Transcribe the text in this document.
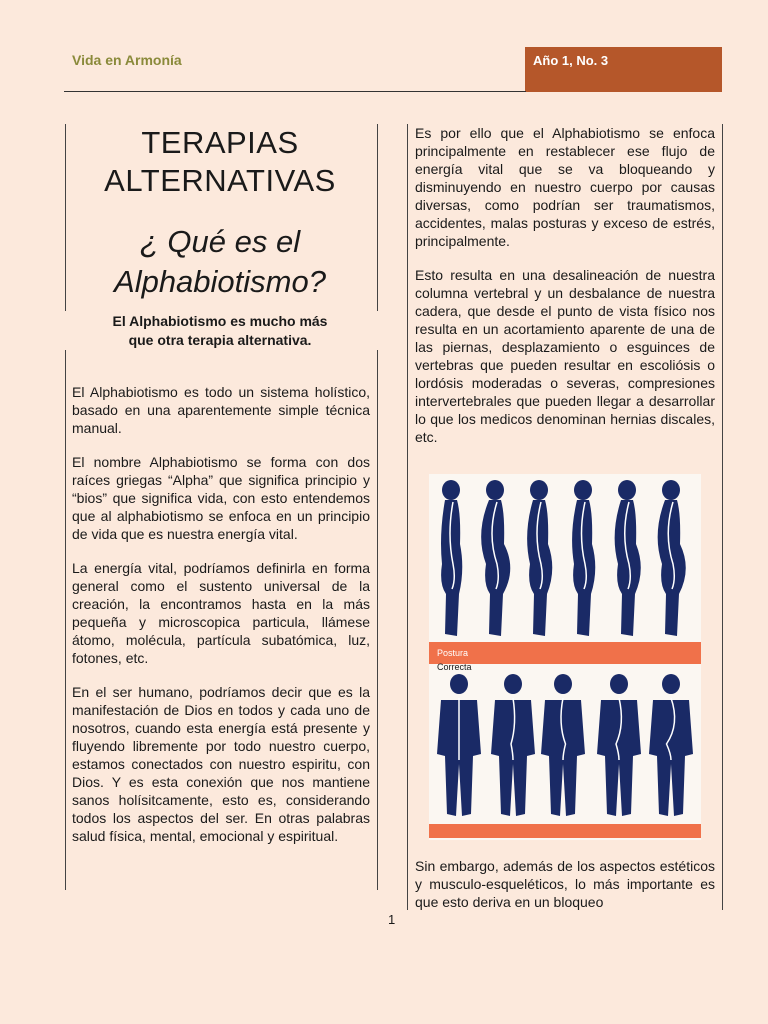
Vida en Armonía	Año 1, No. 3
TERAPIAS
ALTERNATIVAS
¿ Qué es el
Alphabiotismo?
El Alphabiotismo es mucho más
que otra terapia alternativa.

El Alphabiotismo es todo un sistema holístico, basado en una aparentemente simple técnica manual.

El nombre Alphabiotismo se forma con dos raíces griegas “Alpha” que significa principio y “bios” que significa vida, con esto entendemos que al alphabiotismo se enfoca en un principio de vida que es nuestra energía vital.

La energía vital, podríamos definirla en forma general como el sustento universal de la creación, la encontramos hasta en la más pequeña y microscopica particula, llámese átomo, molécula, partícula subatómica, luz, fotones, etc.

En el ser humano, podríamos decir que es la manifestación de Dios en todos y cada uno de nosotros, cuando esta energía está presente y fluyendo libremente por todo nuestro cuerpo, estamos conectados con nuestro espiritu, con Dios. Y es esta conexión que nos mantiene sanos holísitcamente, esto es, considerando todos los aspectos del ser. En otras palabras salud física, mental, emocional y espiritual.

Es por ello que el Alphabiotismo se enfoca principalmente en restablecer ese flujo de energía vital que se va bloqueando y disminuyendo en nuestro cuerpo por causas diversas, como podrían ser traumatismos, accidentes, malas posturas y exceso de estrés, principalmente.

Esto resulta en una desalineación de nuestra columna vertebral y un desbalance de nuestra cadera, que desde el punto de vista físico nos resulta en un acortamiento aparente de una de las piernas, desplazamiento o esguinces de vertebras que pueden resultar en escoliósis o lordósis moderadas o severas, compresiones intervertebrales que pueden llegar a desarrollar lo que los medicos denominan hernias discales, etc.

Postura
Correcta

Sin embargo, además de los aspectos estéticos y musculo-esqueléticos, lo más importante es que esto deriva en un bloqueo

1
